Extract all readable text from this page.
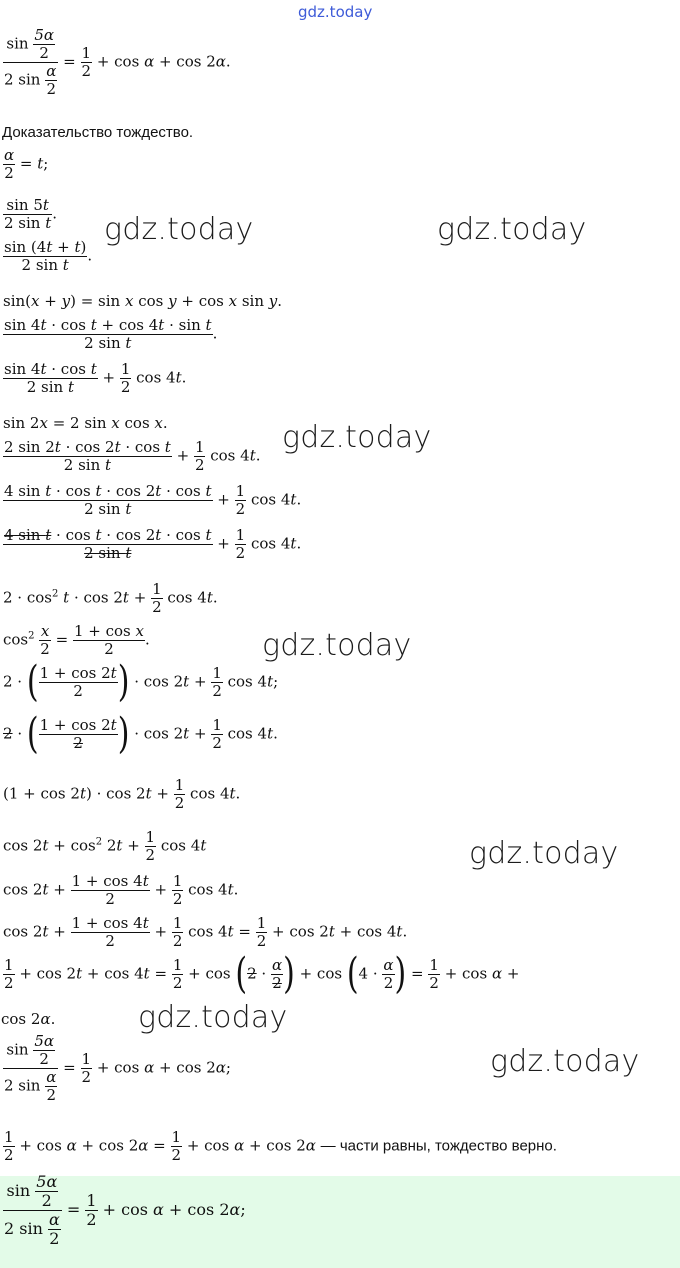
gdz.today
$\frac{\sin \frac{5\alpha}{2}}{2 \sin \frac{\alpha}{2}} = \frac{1}{2} + \cos \alpha + \cos 2\alpha$.
Доказательство тождество.
$\frac{\alpha}{2} = t$;
$\frac{\sin 5t}{\text{2 sin t}}$ .
$\frac{\sin (4t + t)}{\text{2 sin t}}$ .
sin(x + y) = sin x cos y + cos x sin y.
$\frac{\text{sin 4t · cos t + cos 4t · sin t}}{\text{2 sin t}}$ .
$\frac{\text{sin 4t · cos t}}{\text{2 sin t}} + \frac{1}{2}$ cos 4t.
sin 2x = 2 sin x cos x.
$\frac{\text{2 sin 2t · cos 2t · cos t}}{\text{2 sin t}} + \frac{1}{2}$ cos 4t.
$\frac{\text{4 sin t · cos t · cos 2t · cos t}}{\text{2 sin t}} + \frac{1}{2}$ cos 4t.
$\frac{\text{4 sin t · cos t · cos 2t · cos t}}{\text{2 sin t}} + \frac{1}{2}$ cos 4t.
$2 \cdot \cos^2 t \cdot \cos 2t + \frac{1}{2}$ cos 4t.
$\cos^2 \frac{x}{2} = \frac{\text{1 + cos x}}{2}$ .
2 · ( $\frac{1 + \cos 2t}{2}$ ) · $\cos 2t + \frac{1}{2}$ cos 4t;
2 · ( $\frac{1 + \cos 2t}{2}$ ) · $\cos 2t + \frac{1}{2}$ cos 4t.
$(1 + \cos 2t) \cdot \cos 2t + \frac{1}{2}$ cos 4t.
$\cos 2t + \cos^2 2t + \frac{1}{2}$ cos 4t
$\cos 2t + \frac{1 + \cos 4t}{2} + \frac{1}{2}$ cos 4t.
$\cos 2t + \frac{1 + \cos 4t}{2} + \frac{1}{2}$ $\cos 4t = \frac{1}{2} + \cos 2t + \cos 4t$.
$\frac{1}{2} + \cos 2t + \cos 4t = \frac{1}{2} + \cos (2 \cdot \frac{\alpha}{2}$ ) + $\cos (4 \cdot \frac{\alpha}{2}$ ) = $\frac{1}{2} + \cos \alpha$ +
cos 2α.
$\frac{\sin \frac{5\alpha}{2}}{2 \sin \frac{\alpha}{2}} = \frac{1}{2} + \cos \alpha + \cos 2\alpha$;
$\frac{1}{2} + \cos \alpha + \cos 2\alpha = \frac{1}{2} + \cos \alpha + \cos 2\alpha$ — части равны, тождество верно.
$\frac{\sin \frac{5\alpha}{2}}{2 \sin \frac{\alpha}{2}} = \frac{1}{2} + \cos \alpha + \cos 2\alpha$;
gdz.today	gdz.today
gdz.today
gdz.today
gdz.today
gdz.today
gdz.today
